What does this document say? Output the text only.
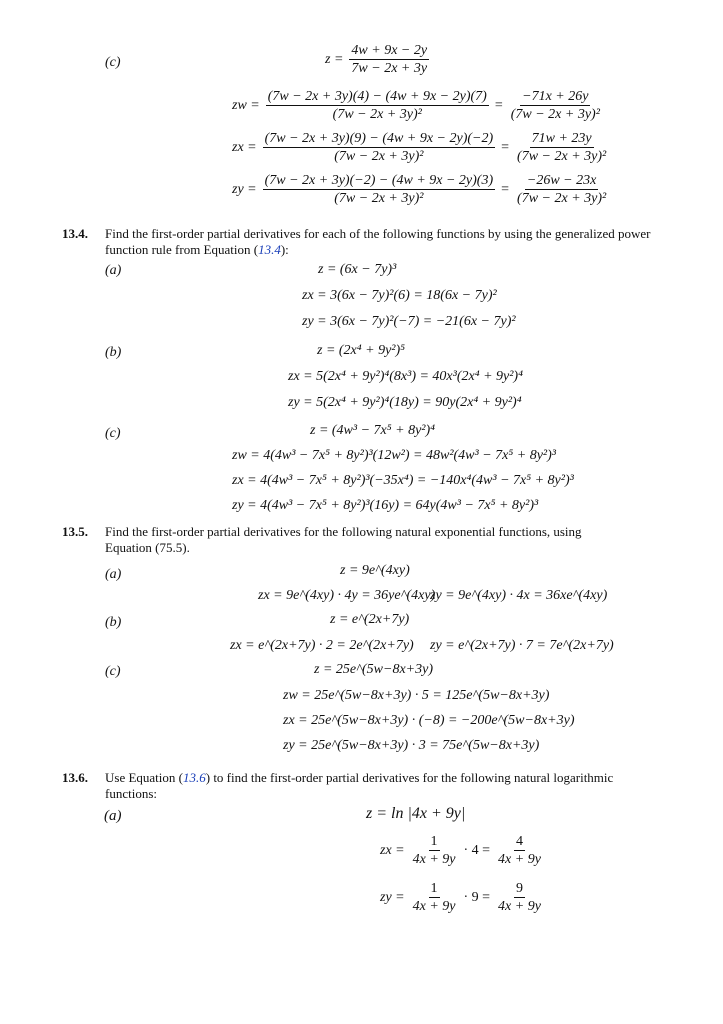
(c)	$z = \frac{4w + 9x - 2y}{7w - 2x + 3y}$
zw = $\frac{(7w - 2x + 3y)(4) - (4w + 9x - 2y)(7)}{\text{(7w − 2x + 3y)²}} = \frac{-71x + 26y}{\text{(7w − 2x + 3y)²}}$
zx = $\frac{(7w - 2x + 3y)(9) - (4w + 9x - 2y)(-2)}{\text{(7w − 2x + 3y)²}} = \frac{71w + 23y}{\text{(7w − 2x + 3y)²}}$
zy = $\frac{(7w - 2x + 3y)(-2) - (4w + 9x - 2y)(3)}{\text{(7w − 2x + 3y)²}} = \frac{-26w - 23x}{\text{(7w − 2x + 3y)²}}$
13.4. Find the first-order partial derivatives for each of the following functions by using the generalized power function rule from Equation (13.4):
(a)	z = (6x − 7y)³
zx = 3(6x − 7y)²(6) = 18(6x − 7y)²
zy = 3(6x − 7y)²(−7) = −21(6x − 7y)²
(b)	z = (2x⁴ + 9y²)⁵
zx = 5(2x⁴ + 9y²)⁴(8x³) = 40x³(2x⁴ + 9y²)⁴
zy = 5(2x⁴ + 9y²)⁴(18y) = 90y(2x⁴ + 9y²)⁴
(c)	z = (4w³ − 7x⁵ + 8y²)⁴
zw = 4(4w³ − 7x⁵ + 8y²)³(12w²) = 48w²(4w³ − 7x⁵ + 8y²)³
zx = 4(4w³ − 7x⁵ + 8y²)³(−35x⁴) = −140x⁴(4w³ − 7x⁵ + 8y²)³
zy = 4(4w³ − 7x⁵ + 8y²)³(16y) = 64y(4w³ − 7x⁵ + 8y²)³
13.5. Find the first-order partial derivatives for the following natural exponential functions, using Equation (75.5).
(a)	z = 9e^(4xy)
zx = 9e^(4xy) · 4y = 36ye^(4xy)
zy = 9e^(4xy) · 4x = 36xe^(4xy)
(b)	z = e^(2x+7y)
zx = e^(2x+7y) · 2 = 2e^(2x+7y) zy = e^(2x+7y) · 7 = 7e^(2x+7y)
(c)	z = 25e^(5w−8x+3y)
zw = 25e^(5w−8x+3y) · 5 = 125e^(5w−8x+3y)
zx = 25e^(5w−8x+3y) · (−8) = −200e^(5w−8x+3y)
zy = 25e^(5w−8x+3y) · 3 = 75e^(5w−8x+3y)
13.6. Use Equation (13.6) to find the first-order partial derivatives for the following natural logarithmic functions:
(a)	z = ln |4x + 9y|
zx = $\frac{1}{4x + 9y} \cdot 4 = \frac{4}{4x + 9y}$
zy = $\frac{1}{4x + 9y} \cdot 9 = \frac{9}{4x + 9y}$
